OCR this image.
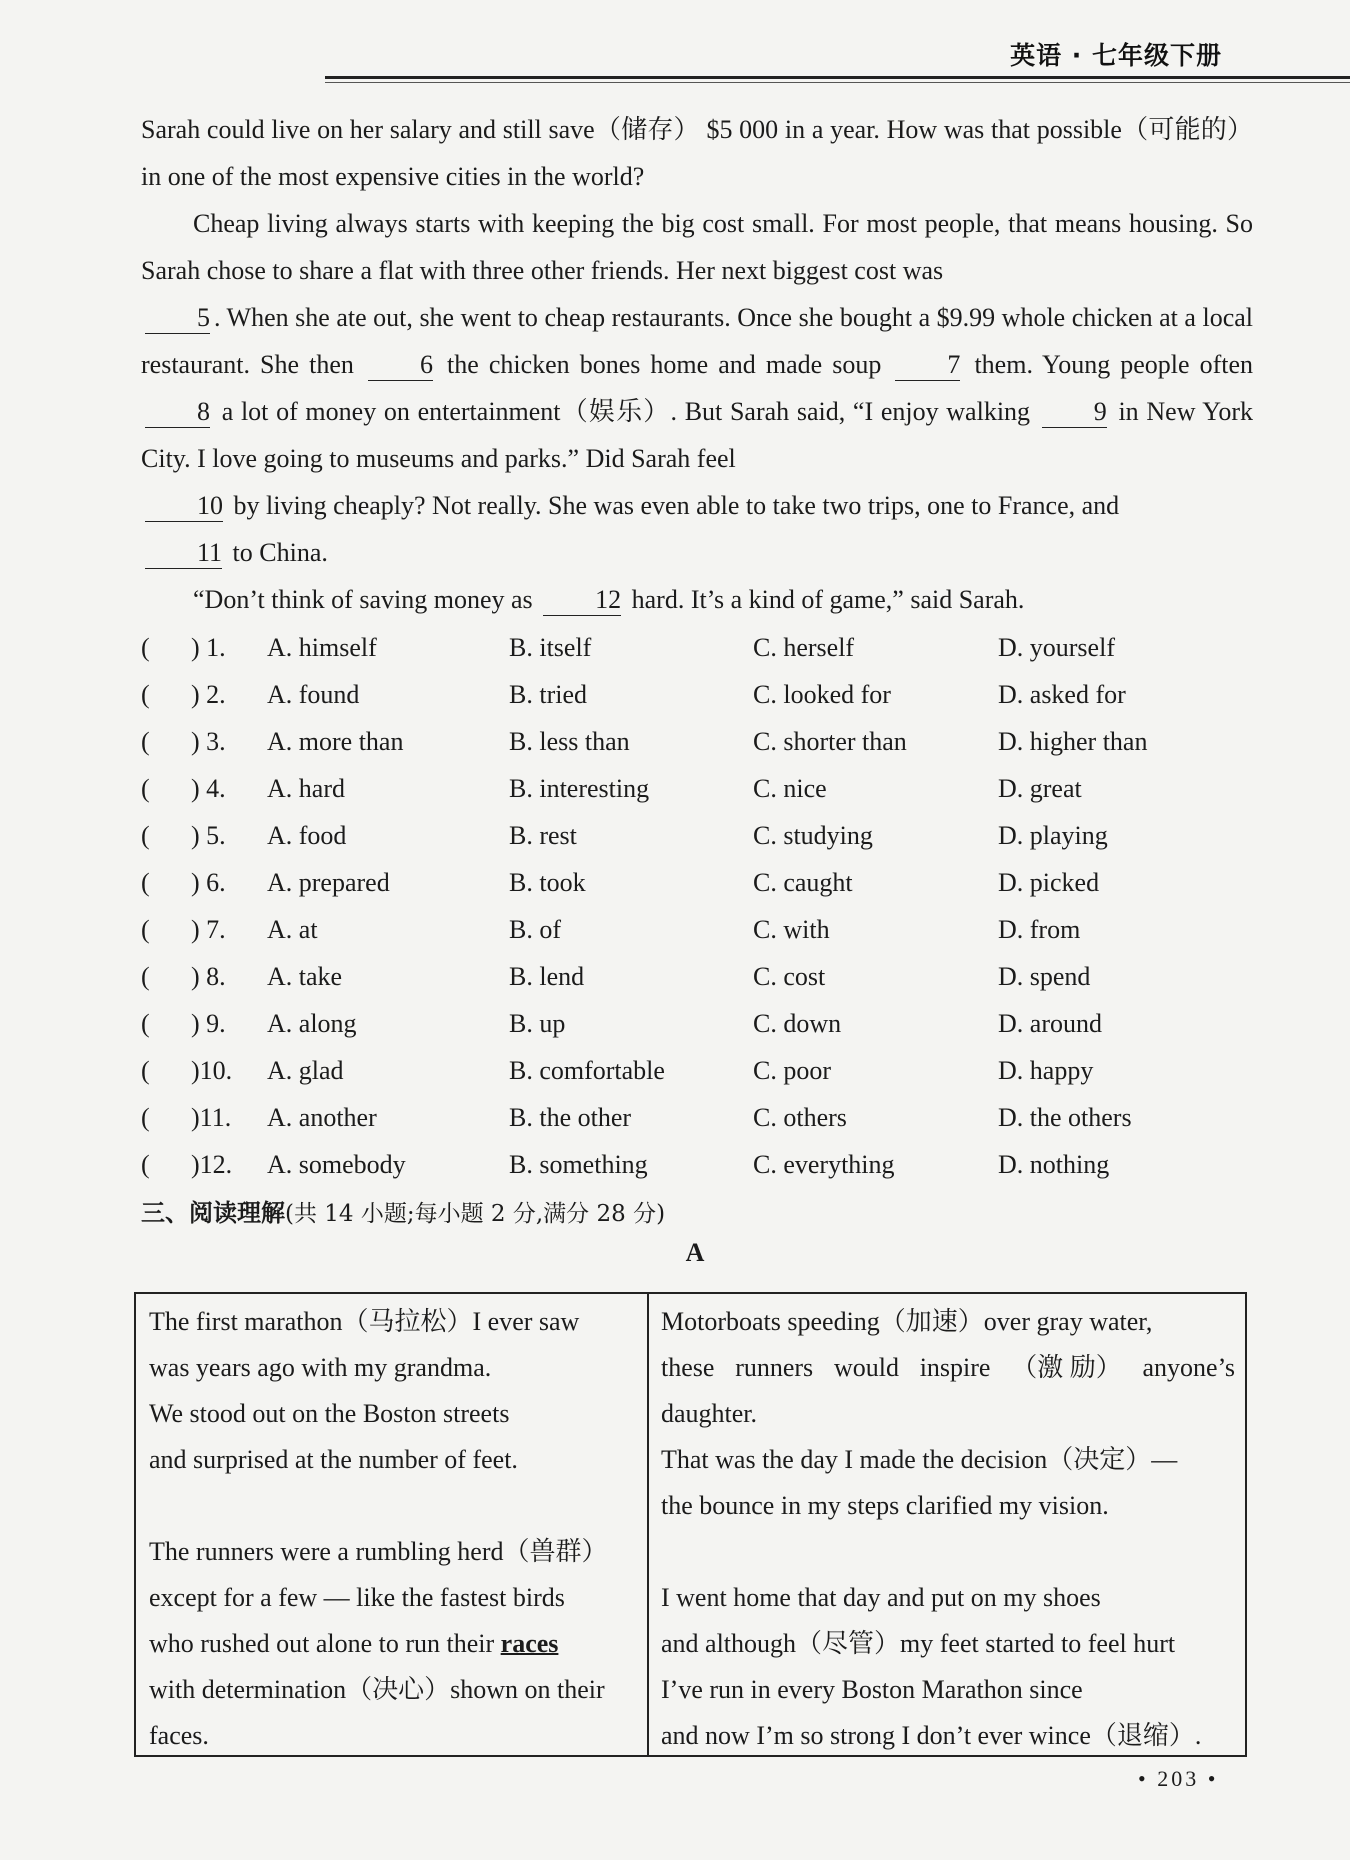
英语 · 七年级下册

Sarah could live on her salary and still save（储存） $5 000 in a year. How was that possible（可能的）in one of the most expensive cities in the world?

Cheap living always starts with keeping the big cost small. For most people, that means housing. So Sarah chose to share a flat with three other friends. Her next biggest cost was
5 . When she ate out, she went to cheap restaurants. Once she bought a $9.99 whole chicken at a local restaurant. She then	6 the chicken bones home and made soup	7 them. Young people often 8 a lot of money on entertainment（娱乐）. But Sarah said, “I enjoy walking 9 in New York City. I love going to museums and parks.” Did Sarah feel
10 by living cheaply? Not really. She was even able to take two trips, one to France, and
11 to China.

“Don’t think of saving money as 12 hard. It’s a kind of game,” said Sarah.

( ) 1. A. himself	B. itself	C. herself	D. yourself
( ) 2. A. found	B. tried	C. looked for	D. asked for
( ) 3. A. more than	B. less than	C. shorter than	D. higher than
( ) 4. A. hard	B. interesting	C. nice	D. great
( ) 5. A. food	B. rest	C. studying	D. playing
( ) 6. A. prepared	B. took	C. caught	D. picked
( ) 7. A. at	B. of	C. with	D. from
( ) 8. A. take	B. lend	C. cost	D. spend
( ) 9. A. along	B. up	C. down	D. around
( )10. A. glad	B. comfortable	C. poor	D. happy
( )11. A. another	B. the other	C. others	D. the others
( )12. A. somebody	B. something	C. everything	D. nothing
三、阅读理解(共 14 小题;每小题 2 分,满分 28 分)
A
The first marathon（马拉松）I ever saw
was years ago with my grandma.
We stood out on the Boston streets
and surprised at the number of feet.
The runners were a rumbling herd（兽群）
except for a few — like the fastest birds
who rushed out alone to run their races
with determination（决心）shown on their
faces.
Motorboats speeding（加速）over gray water,
these runners would inspire （激 励） anyone’s
daughter.
That was the day I made the decision（决定）—
the bounce in my steps clarified my vision.
I went home that day and put on my shoes
and although（尽管）my feet started to feel hurt
I’ve run in every Boston Marathon since
and now I’m so strong I don’t ever wince（退缩）.
• 203 •
